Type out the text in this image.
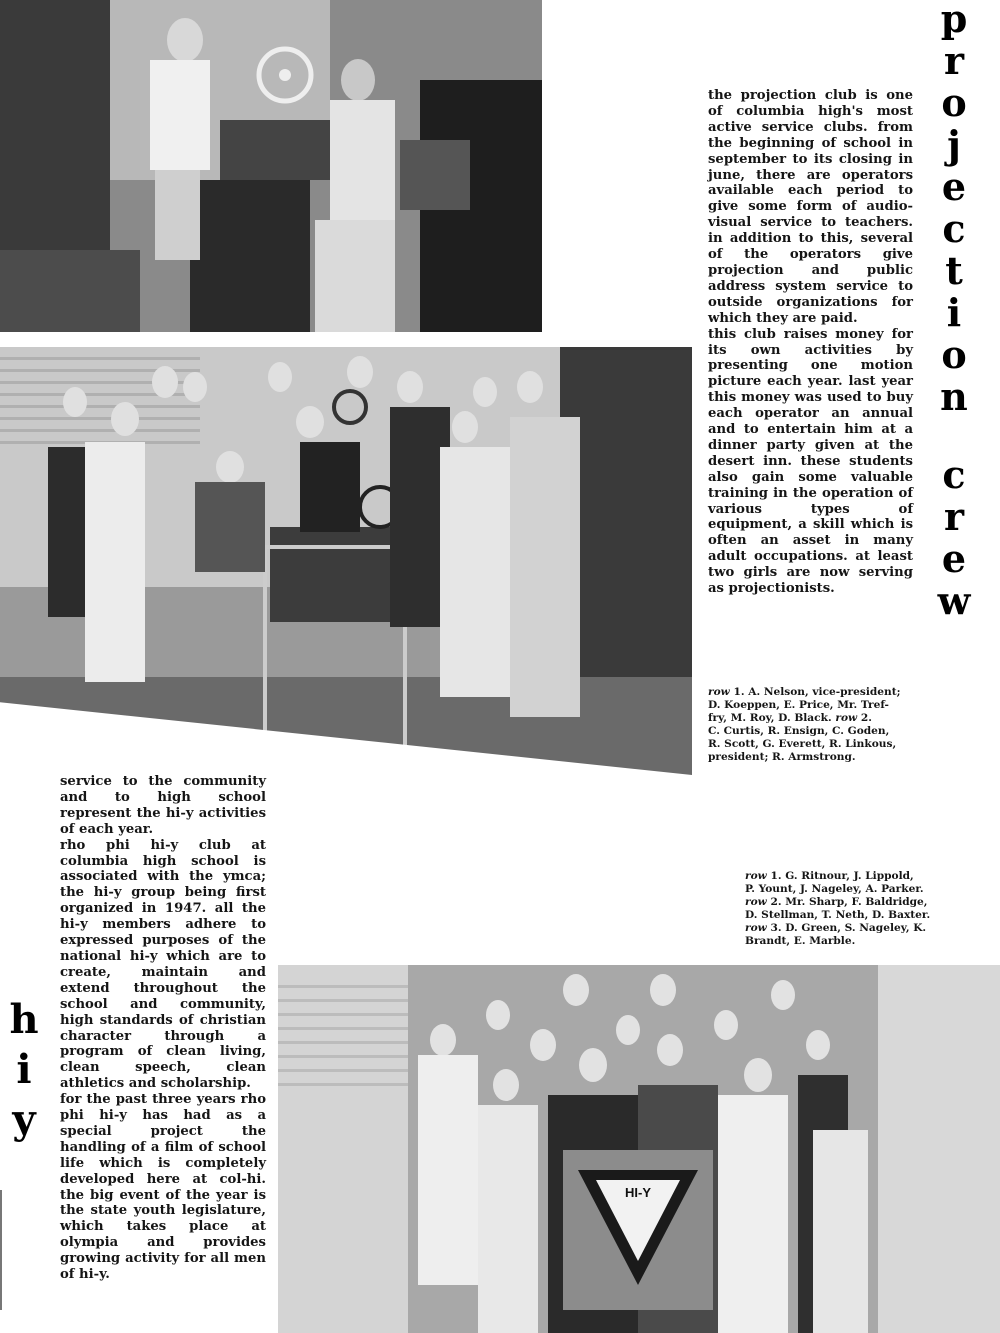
p
r
o
j
e
c
t
i
o
n
c
r
e
w

the projection club is one of columbia high's most active service clubs. from the beginning of school in september to its closing in june, there are operators available each period to give some form of audio-visual service to teachers. in addition to this, several of the operators give projection and public address system service to outside organizations for which they are paid.

this club raises money for its own activities by presenting one motion picture each year. last year this money was used to buy each operator an annual and to entertain him at a dinner party given at the desert inn. these students also gain some valuable training in the operation of various types of equipment, a skill which is often an asset in many adult occupations. at least two girls are now serving as projectionists.

row 1. A. Nelson, vice-president;
D. Koeppen, E. Price, Mr. Tref-
fry, M. Roy, D. Black. row 2.
C. Curtis, R. Ensign, C. Goden,
R. Scott, G. Everett, R. Linkous,
president; R. Armstrong.

service to the community and to high school represent the hi-y activities of each year.

rho phi hi-y club at columbia high school is associated with the ymca; the hi-y group being first organized in 1947. all the hi-y members adhere to expressed purposes of the national hi-y which are to create, maintain and extend throughout the school and community, high standards of christian character through a program of clean living, clean speech, clean athletics and scholarship.

for the past three years rho phi hi-y has had as a special project the handling of a film of school life which is completely developed here at col-hi. the big event of the year is the state youth legislature, which takes place at olympia and provides growing activity for all men of hi-y.

h
i
y
row 1. G. Ritnour, J. Lippold,
P. Yount, J. Nageley, A. Parker.
row 2. Mr. Sharp, F. Baldridge,
D. Stellman, T. Neth, D. Baxter.
row 3. D. Green, S. Nageley, K.
Brandt, E. Marble.
HI-Y
